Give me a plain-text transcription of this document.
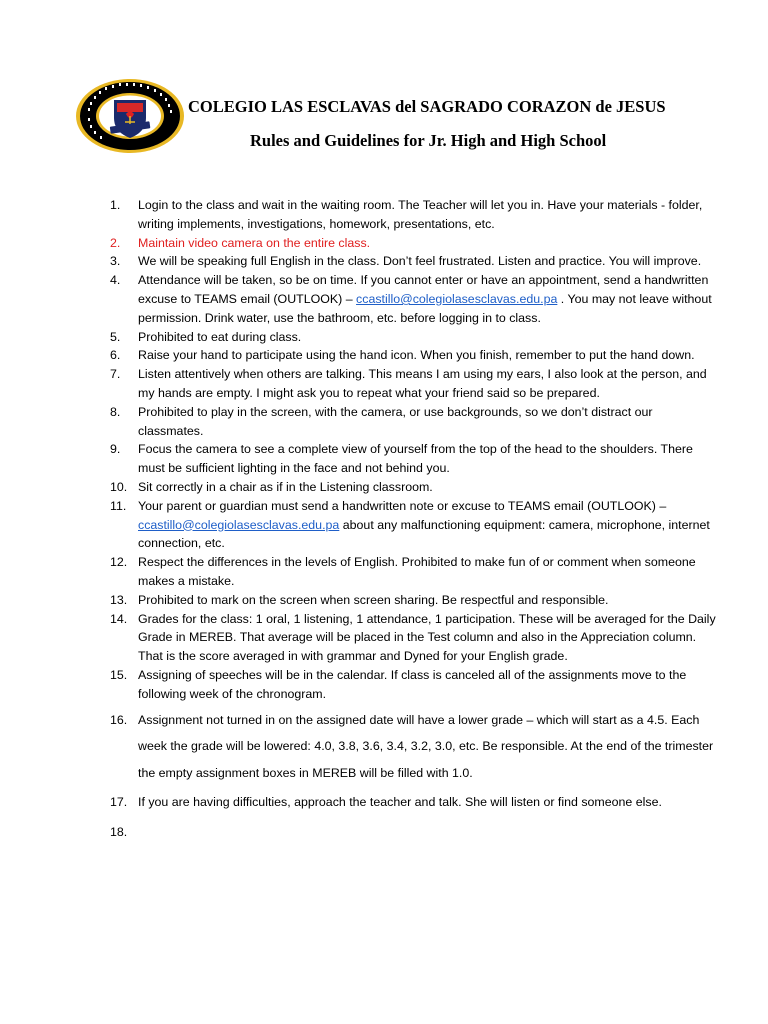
COLEGIO LAS ESCLAVAS del SAGRADO CORAZON de JESUS
Rules and Guidelines for Jr. High and High School
1.	Login to the class and wait in the waiting room. The Teacher will let you in. Have your materials - folder, writing implements, investigations, homework, presentations, etc.
2.	Maintain video camera on the entire class.
3.	We will be speaking full English in the class. Don’t feel frustrated. Listen and practice. You will improve.
4.	Attendance will be taken, so be on time. If you cannot enter or have an appointment, send a handwritten excuse to TEAMS email (OUTLOOK) – ccastillo@colegiolasesclavas.edu.pa . You may not leave without permission. Drink water, use the bathroom, etc. before logging in to class.
5.	Prohibited to eat during class.
6.	Raise your hand to participate using the hand icon. When you finish, remember to put the hand down.
7.	Listen attentively when others are talking. This means I am using my ears, I also look at the person, and my hands are empty. I might ask you to repeat what your friend said so be prepared.
8.	Prohibited to play in the screen, with the camera, or use backgrounds, so we don’t distract our classmates.
9.	Focus the camera to see a complete view of yourself from the top of the head to the shoulders. There must be sufficient lighting in the face and not behind you.
10. Sit correctly in a chair as if in the Listening classroom.
11. Your parent or guardian must send a handwritten note or excuse to TEAMS email (OUTLOOK) – ccastillo@colegiolasesclavas.edu.pa about any malfunctioning equipment: camera, microphone, internet connection, etc.
12. Respect the differences in the levels of English. Prohibited to make fun of or comment when someone makes a mistake.
13. Prohibited to mark on the screen when screen sharing. Be respectful and responsible.
14. Grades for the class: 1 oral, 1 listening, 1 attendance, 1 participation. These will be averaged for the Daily Grade in MEREB. That average will be placed in the Test column and also in the Appreciation column. That is the score averaged in with grammar and Dyned for your English grade.
15. Assigning of speeches will be in the calendar. If class is canceled all of the assignments move to the following week of the chronogram.
16. Assignment not turned in on the assigned date will have a lower grade – which will start as a 4.5. Each week the grade will be lowered: 4.0, 3.8, 3.6, 3.4, 3.2, 3.0, etc. Be responsible. At the end of the trimester the empty assignment boxes in MEREB will be filled with 1.0.
17. If you are having difficulties, approach the teacher and talk. She will listen or find someone else.
18.
